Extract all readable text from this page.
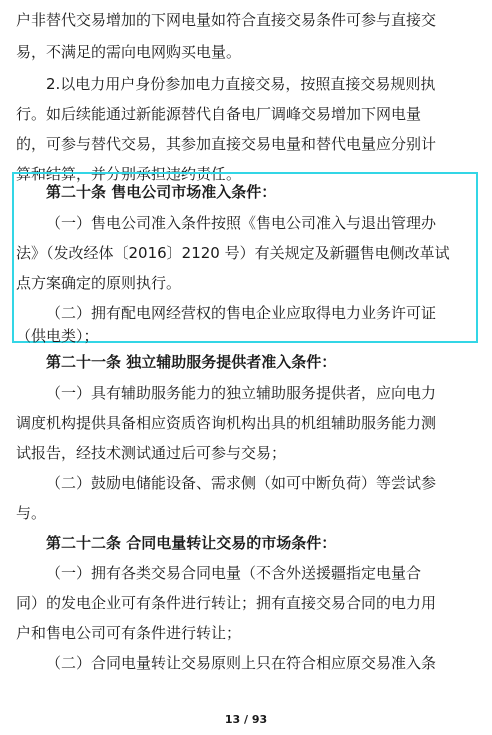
户非替代交易增加的下网电量如符合直接交易条件可参与直接交
易，不满足的需向电网购买电量。
2.以电力用户身份参加电力直接交易，按照直接交易规则执
行。如后续能通过新能源替代自备电厂调峰交易增加下网电量
的，可参与替代交易，其参加直接交易电量和替代电量应分别计
算和结算，并分别承担违约责任。
第二十条 售电公司市场准入条件：
（一）售电公司准入条件按照《售电公司准入与退出管理办
法》（发改经体〔2016〕2120 号）有关规定及新疆售电侧改革试
点方案确定的原则执行。
（二）拥有配电网经营权的售电企业应取得电力业务许可证
（供电类）；
第二十一条 独立辅助服务提供者准入条件：
（一）具有辅助服务能力的独立辅助服务提供者，应向电力
调度机构提供具备相应资质咨询机构出具的机组辅助服务能力测
试报告，经技术测试通过后可参与交易；
（二）鼓励电储能设备、需求侧（如可中断负荷）等尝试参
与。
第二十二条 合同电量转让交易的市场条件：
（一）拥有各类交易合同电量（不含外送援疆指定电量合
同）的发电企业可有条件进行转让；拥有直接交易合同的电力用
户和售电公司可有条件进行转让；
（二）合同电量转让交易原则上只在符合相应原交易准入条
13 / 93
